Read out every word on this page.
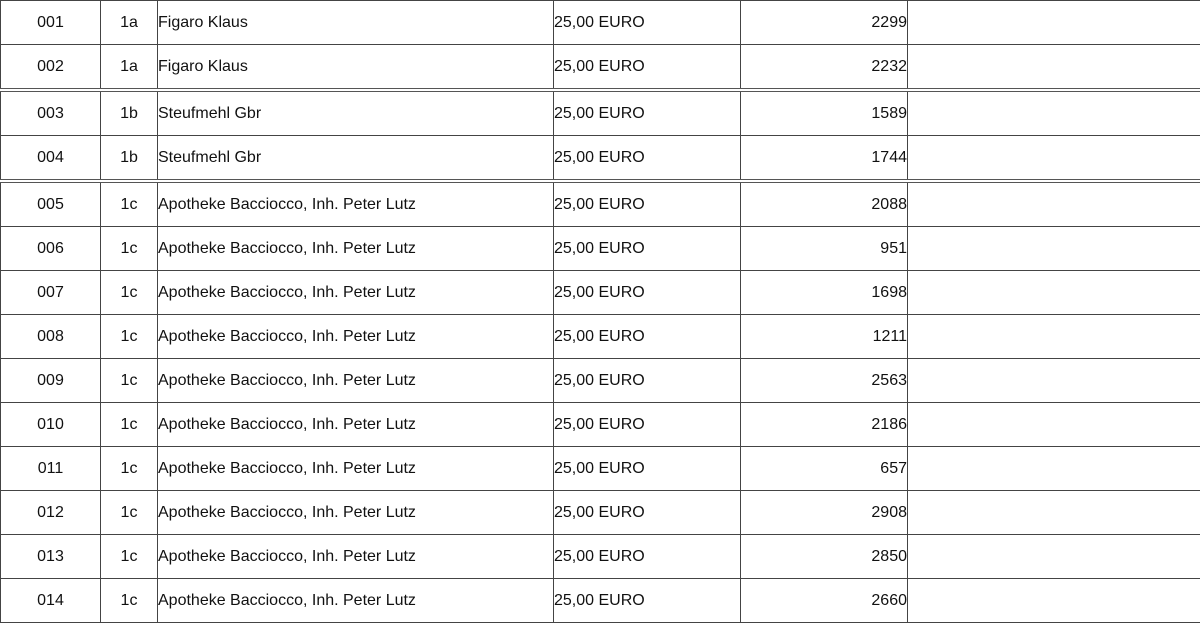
001	1a	Figaro Klaus	25,00 EURO	2299	
002	1a	Figaro Klaus	25,00 EURO	2232	
003	1b	Steufmehl Gbr	25,00 EURO	1589	
004	1b	Steufmehl Gbr	25,00 EURO	1744	
005	1c	Apotheke Bacciocco, Inh. Peter Lutz	25,00 EURO	2088	
006	1c	Apotheke Bacciocco, Inh. Peter Lutz	25,00 EURO	951	
007	1c	Apotheke Bacciocco, Inh. Peter Lutz	25,00 EURO	1698	
008	1c	Apotheke Bacciocco, Inh. Peter Lutz	25,00 EURO	1211	
009	1c	Apotheke Bacciocco, Inh. Peter Lutz	25,00 EURO	2563	
010	1c	Apotheke Bacciocco, Inh. Peter Lutz	25,00 EURO	2186	
011	1c	Apotheke Bacciocco, Inh. Peter Lutz	25,00 EURO	657	
012	1c	Apotheke Bacciocco, Inh. Peter Lutz	25,00 EURO	2908	
013	1c	Apotheke Bacciocco, Inh. Peter Lutz	25,00 EURO	2850	
014	1c	Apotheke Bacciocco, Inh. Peter Lutz	25,00 EURO	2660	
